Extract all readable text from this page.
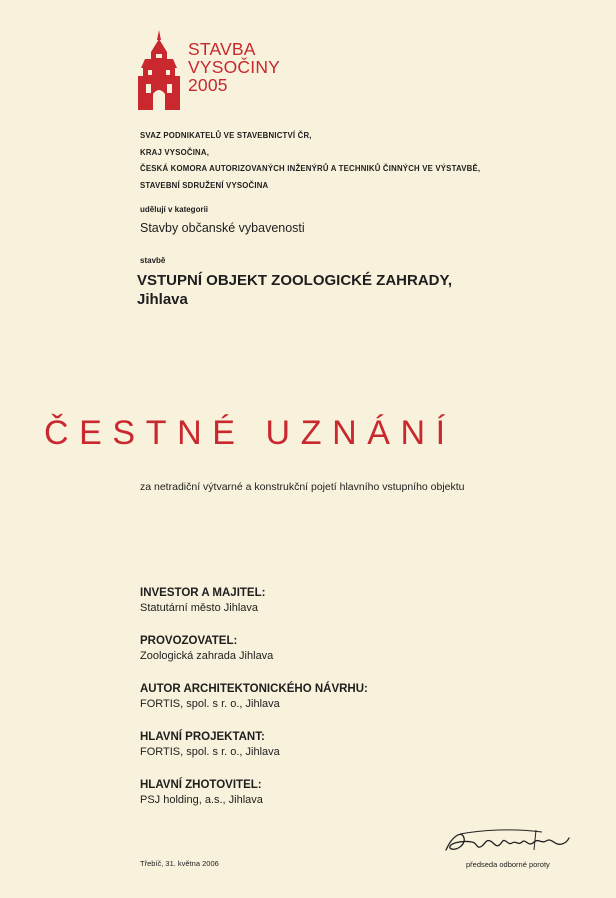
STAVBA
VYSOČINY
2005
SVAZ PODNIKATELŮ VE STAVEBNICTVÍ ČR,
KRAJ VYSOČINA,
ČESKÁ KOMORA AUTORIZOVANÝCH INŽENÝRŮ A TECHNIKŮ ČINNÝCH VE VÝSTAVBĚ,
STAVEBNÍ SDRUŽENÍ VYSOČINA
udělují v kategorii
Stavby občanské vybavenosti
stavbě
VSTUPNÍ OBJEKT ZOOLOGICKÉ ZAHRADY,
Jihlava
ČESTNÉ UZNÁNÍ
za netradiční výtvarné a konstrukční pojetí hlavního vstupního objektu
INVESTOR A MAJITEL:
Statutární město Jihlava
PROVOZOVATEL:
Zoologická zahrada Jihlava
AUTOR ARCHITEKTONICKÉHO NÁVRHU:
FORTIS, spol. s r. o., Jihlava
HLAVNÍ PROJEKTANT:
FORTIS, spol. s r. o., Jihlava
HLAVNÍ ZHOTOVITEL:
PSJ holding, a.s., Jihlava
Třebíč, 31. května 2006	předseda odborné poroty
